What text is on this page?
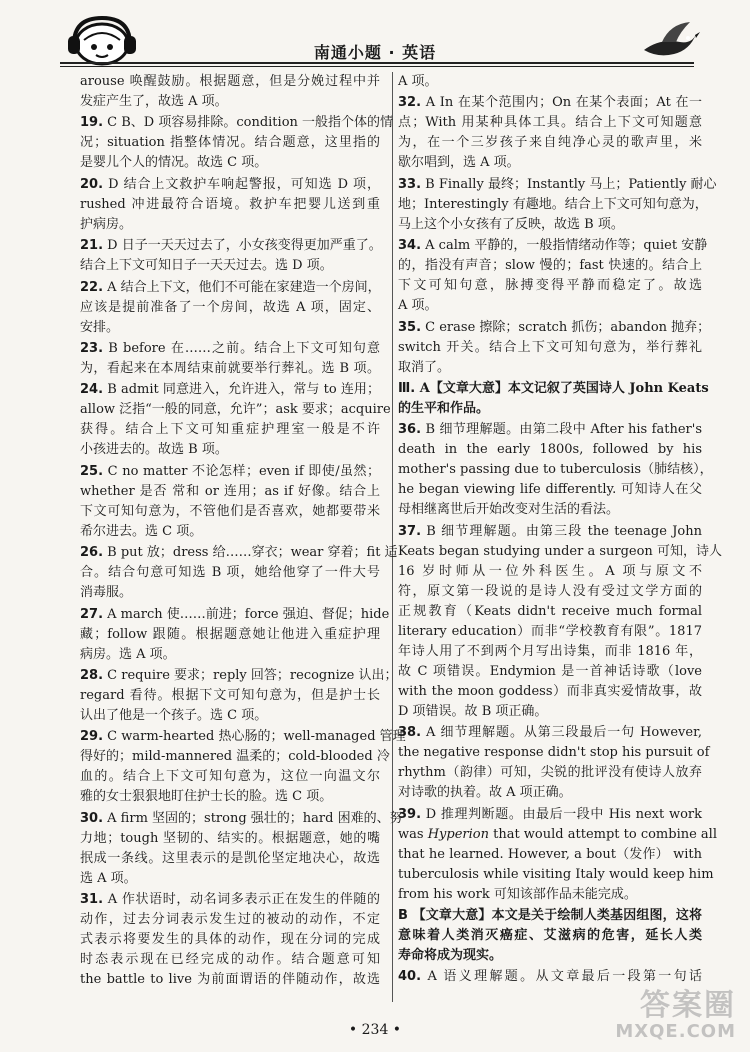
南通小题 · 英语
arouse 唤醒鼓励。根据题意，但是分娩过程中并
发症产生了，故选 A 项。
19. C B、D 项容易排除。condition 一般指个体的情
况；situation 指整体情况。结合题意，这里指的
是婴儿个人的情况。故选 C 项。
20. D 结合上文救护车响起警报，可知选 D 项，
rushed 冲进最符合语境。救护车把婴儿送到重
护病房。
21. D 日子一天天过去了，小女孩变得更加严重了。
结合上下文可知日子一天天过去。选 D 项。
22. A 结合上下文，他们不可能在家建造一个房间，
应该是提前准备了一个房间，故选 A 项，固定、
安排。
23. B before 在……之前。结合上下文可知句意
为，看起来在本周结束前就要举行葬礼。选 B 项。
24. B admit 同意进入，允许进入，常与 to 连用；
allow 泛指“一般的同意，允许”；ask 要求；acquire
获得。结合上下文可知重症护理室一般是不许
小孩进去的。故选 B 项。
25. C no matter 不论怎样；even if 即使/虽然；
whether 是否 常和 or 连用；as if 好像。结合上
下文可知句意为，不管他们是否喜欢，她都要带米
希尔进去。选 C 项。
26. B put 放；dress 给……穿衣；wear 穿着；fit 适
合。结合句意可知选 B 项，她给他穿了一件大号
消毒服。
27. A march 使……前进；force 强迫、督促；hide
藏；follow 跟随。根据题意她让他进入重症护理
病房。选 A 项。
28. C require 要求；reply 回答；recognize 认出；
regard 看待。根据下文可知句意为，但是护士长
认出了他是一个孩子。选 C 项。
29. C warm-hearted 热心肠的；well-managed 管理
得好的；mild-mannered 温柔的；cold-blooded 冷
血的。结合上下文可知句意为，这位一向温文尔
雅的女士狠狠地盯住护士长的脸。选 C 项。
30. A firm 坚固的；strong 强壮的；hard 困难的、努
力地；tough 坚韧的、结实的。根据题意，她的嘴
抿成一条线。这里表示的是凯伦坚定地决心，故选
选 A 项。
31. A 作状语时，动名词多表示正在发生的伴随的
动作，过去分词表示发生过的被动的动作，不定
式表示将要发生的具体的动作，现在分词的完成
时态表示现在已经完成的动作。结合题意可知
the battle to live 为前面谓语的伴随动作，故选
A 项。
32. A In 在某个范围内；On 在某个表面；At 在一
点；With 用某种具体工具。结合上下文可知题意
为，在一个三岁孩子来自纯净心灵的歌声里，米
歇尔唱到，选 A 项。
33. B Finally 最终；Instantly 马上；Patiently 耐心
地；Interestingly 有趣地。结合上下文可知句意为，
马上这个小女孩有了反映，故选 B 项。
34. A calm 平静的，一般指情绪动作等；quiet 安静
的，指没有声音；slow 慢的；fast 快速的。结合上
下文可知句意，脉搏变得平静而稳定了。故选
A 项。
35. C erase 擦除；scratch 抓伤；abandon 抛弃；
switch 开关。结合上下文可知句意为，举行葬礼
取消了。
Ⅲ. A【文章大意】本文记叙了英国诗人 John Keats
的生平和作品。
36. B 细节理解题。由第二段中 After his father's
death in the early 1800s, followed by his
mother's passing due to tuberculosis（肺结核），
he began viewing life differently. 可知诗人在父
母相继离世后开始改变对生活的看法。
37. B 细节理解题。由第三段 the teenage John
Keats began studying under a surgeon 可知，诗人
16 岁时师从一位外科医生。A 项与原文不
符，原文第一段说的是诗人没有受过文学方面的
正规教育（Keats didn't receive much formal
literary education）而非“学校教育有限”。1817
年诗人用了不到两个月写出诗集，而非 1816 年，
故 C 项错误。Endymion 是一首神话诗歌（love
with the moon goddess）而非真实爱情故事，故
D 项错误。故 B 项正确。
38. A 细节理解题。从第三段最后一句 However,
the negative response didn't stop his pursuit of
rhythm（韵律）可知，尖锐的批评没有使诗人放弃
对诗歌的执着。故 A 项正确。
39. D 推理判断题。由最后一段中 His next work
was Hyperion that would attempt to combine all
that he learned. However, a bout（发作） with
tuberculosis while visiting Italy would keep him
from his work 可知该部作品未能完成。
B 【文章大意】本文是关于绘制人类基因组图，这将
意味着人类消灭癌症、艾滋病的危害，延长人类
寿命将成为现实。
40. A 语义理解题。从文章最后一段第一句话
• 234 •
答案圈
MXQE.COM
